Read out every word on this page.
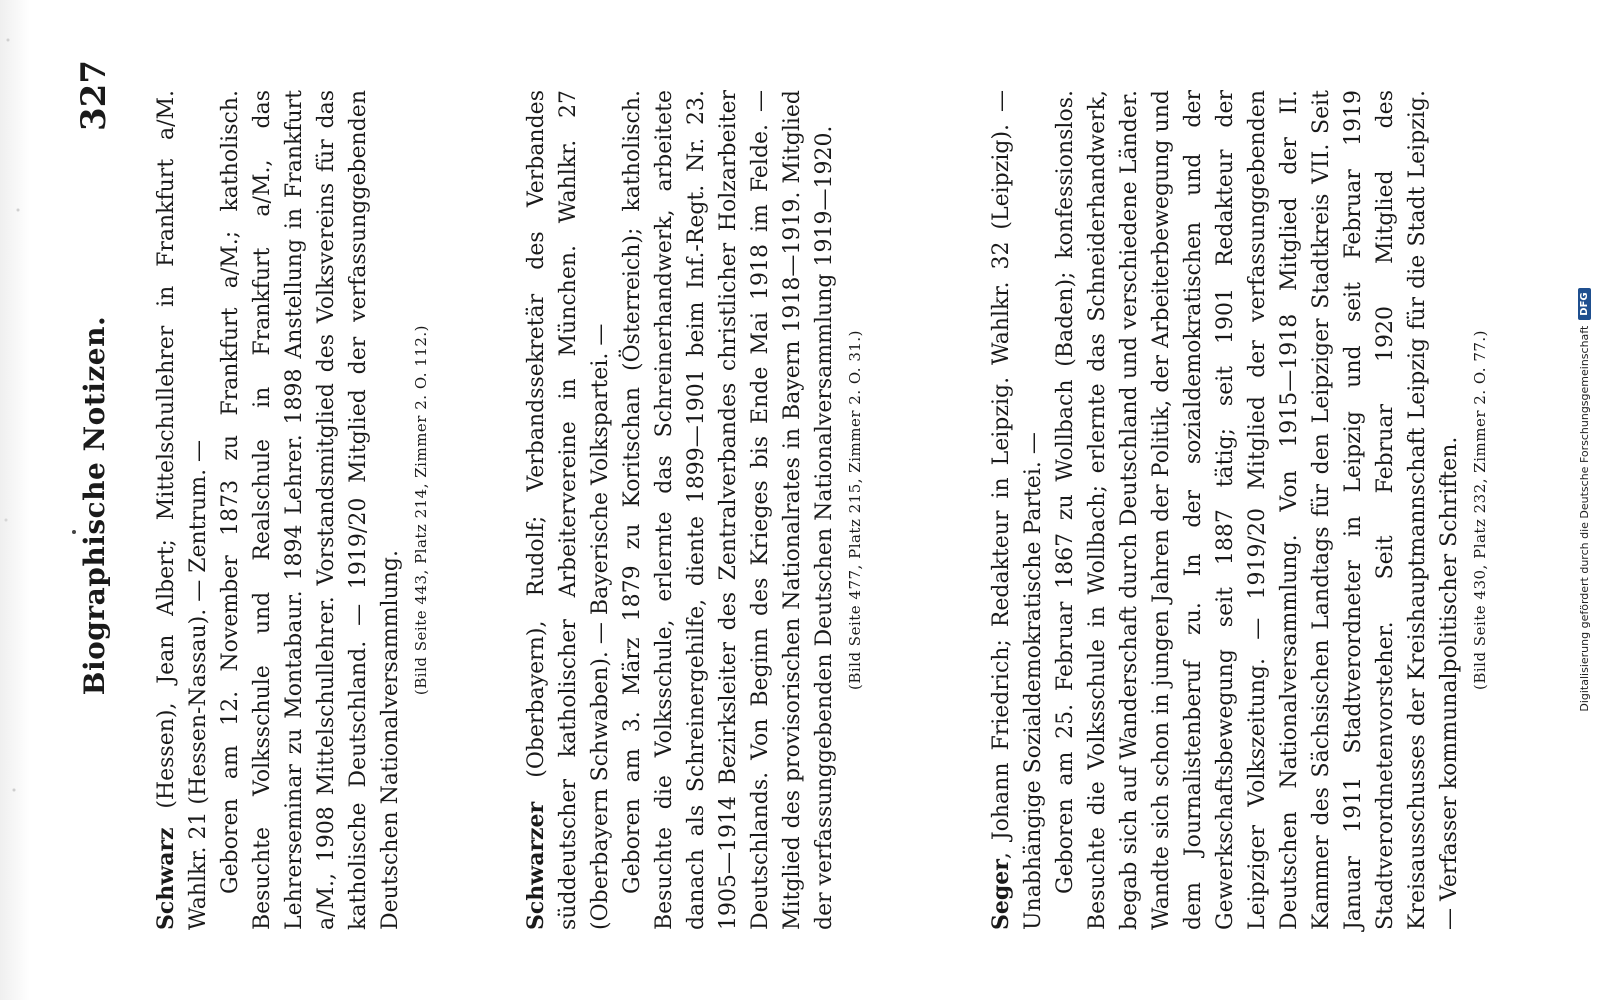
Biographische Notizen.
327

Schwarz (Hessen), Jean Albert; Mittelschullehrer in Frankfurt a/M. Wahlkr. 21 (Hessen-Nassau). — Zentrum. — Geboren am 12. November 1873 zu Frankfurt a/M.; katholisch. Besuchte Volksschule und Realschule in Frankfurt a/M., das Lehrerseminar zu Montabaur. 1894 Lehrer. 1898 Anstellung in Frankfurt a/M., 1908 Mittelschullehrer. Vorstandsmitglied des Volksvereins für das katholische Deutschland. — 1919/20 Mitglied der verfassunggebenden Deutschen Nationalversammlung.

(Bild Seite 443, Platz 214, Zimmer 2. O. 112.)

Schwarzer (Oberbayern), Rudolf; Verbandssekretär des Verbandes süddeutscher katholischer Arbeitervereine in München. Wahlkr. 27 (Oberbayern Schwaben). — Bayerische Volkspartei. — Geboren am 3. März 1879 zu Koritschan (Österreich); katholisch. Besuchte die Volksschule, erlernte das Schreinerhandwerk, arbeitete danach als Schreinergehilfe, diente 1899—1901 beim Inf.-Regt. Nr. 23. 1905—1914 Bezirksleiter des Zentralverbandes christlicher Holzarbeiter Deutschlands. Von Beginn des Krieges bis Ende Mai 1918 im Felde. — Mitglied des provisorischen Nationalrates in Bayern 1918—1919. Mitglied der verfassunggebenden Deutschen Nationalversammlung 1919—1920. (Bild Seite 477, Platz 215, Zimmer 2. O. 31.)

Seger, Johann Friedrich; Redakteur in Leipzig. Wahlkr. 32 (Leipzig). — Unabhängige Sozialdemokratische Partei. — Geboren am 25. Februar 1867 zu Wollbach (Baden); konfessionslos. Besuchte die Volksschule in Wollbach; erlernte das Schneiderhandwerk, begab sich auf Wanderschaft durch Deutschland und verschiedene Länder. Wandte sich schon in jungen Jahren der Politik, der Arbeiterbewegung und dem Journalistenberuf zu. In der sozialdemokratischen und der Gewerkschaftsbewegung seit 1887 tätig; seit 1901 Redakteur der Leipziger Volkszeitung. — 1919/20 Mitglied der verfassunggebenden Deutschen Nationalversammlung. Von 1915—1918 Mitglied der II. Kammer des Sächsischen Landtags für den Leipziger Stadtkreis VII. Seit Januar 1911 Stadtverordneter in Leipzig und seit Februar 1919 Stadtverordnetenvorsteher. Seit Februar 1920 Mitglied des Kreisausschusses der Kreishauptmannschaft Leipzig für die Stadt Leipzig. — Verfasser kommunalpolitischer Schriften. (Bild Seite 430, Platz 232, Zimmer 2. O. 77.)	Digitalisierung gefördert durch die Deutsche Forschungsgemeinschaft
DFG
